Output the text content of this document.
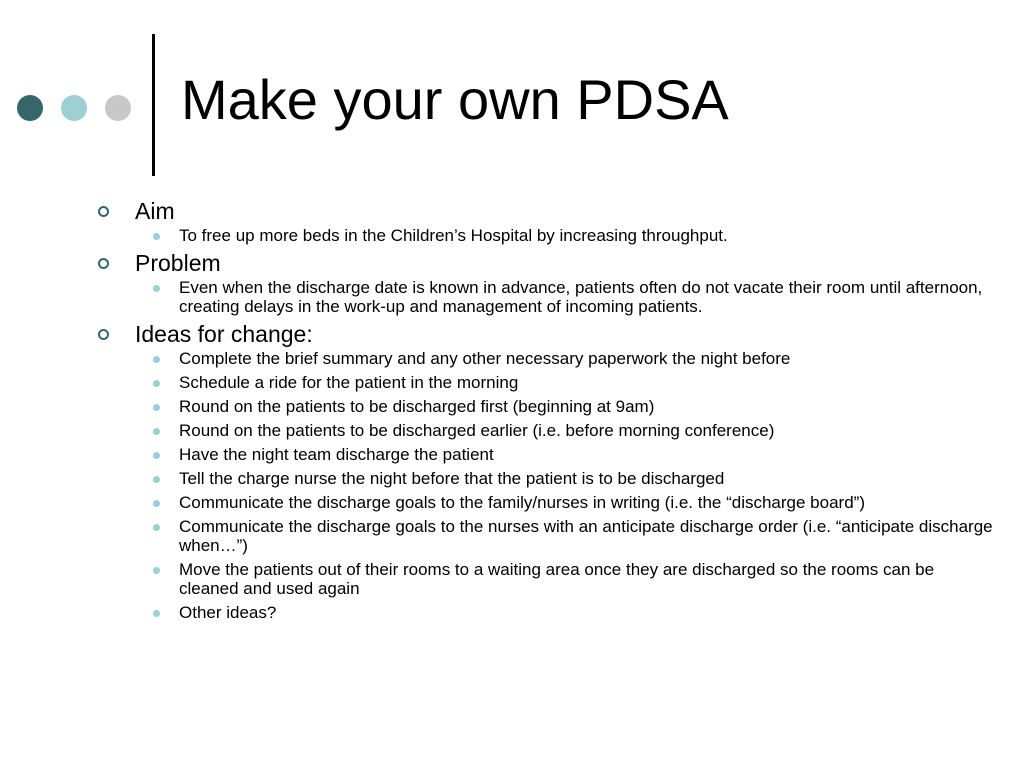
Make your own PDSA
Aim
To free up more beds in the Children’s Hospital by increasing throughput.
Problem
Even when the discharge date is known in advance, patients often do not vacate their room until afternoon, creating delays in the work-up and management of incoming patients.
Ideas for change:
Complete the brief summary and any other necessary paperwork the night before
Schedule a ride for the patient in the morning
Round on the patients to be discharged first (beginning at 9am)
Round on the patients to be discharged earlier (i.e. before morning conference)
Have the night team discharge the patient
Tell the charge nurse the night before that the patient is to be discharged
Communicate the discharge goals to the family/nurses in writing (i.e. the “discharge board”)
Communicate the discharge goals to the nurses with an anticipate discharge order (i.e. “anticipate discharge when…”)
Move the patients out of their rooms to a waiting area once they are discharged so the rooms can be cleaned and used again
Other ideas?
